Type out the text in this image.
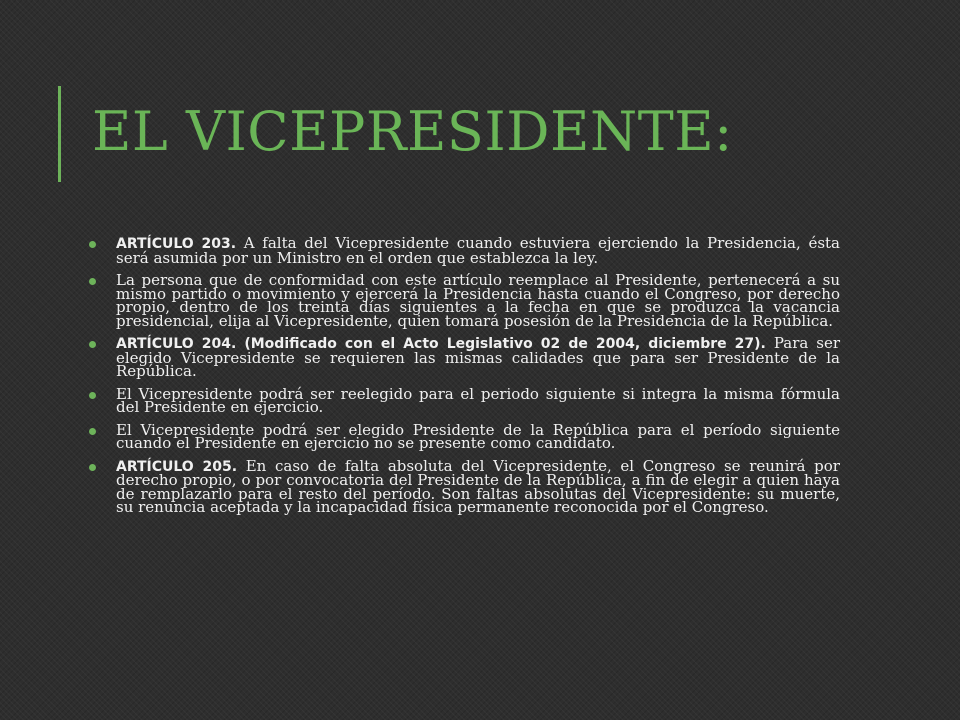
EL VICEPRESIDENTE:
ARTÍCULO 203. A falta del Vicepresidente cuando estuviera ejerciendo la Presidencia, ésta será asumida por un Ministro en el orden que establezca la ley.
La persona que de conformidad con este artículo reemplace al Presidente, pertenecerá a su mismo partido o movimiento y ejercerá la Presidencia hasta cuando el Congreso, por derecho propio, dentro de los treinta días siguientes a la fecha en que se produzca la vacancia presidencial, elija al Vicepresidente, quien tomará posesión de la Presidencia de la República.
ARTÍCULO 204. (Modificado con el Acto Legislativo 02 de 2004, diciembre 27). Para ser elegido Vicepresidente se requieren las mismas calidades que para ser Presidente de la República.
El Vicepresidente podrá ser reelegido para el periodo siguiente si integra la misma fórmula del Presidente en ejercicio.
El Vicepresidente podrá ser elegido Presidente de la República para el período siguiente cuando el Presidente en ejercicio no se presente como candidato.
ARTÍCULO 205. En caso de falta absoluta del Vicepresidente, el Congreso se reunirá por derecho propio, o por convocatoria del Presidente de la República, a fin de elegir a quien haya de remplazarlo para el resto del período. Son faltas absolutas del Vicepresidente: su muerte, su renuncia aceptada y la incapacidad física permanente reconocida por el Congreso.
